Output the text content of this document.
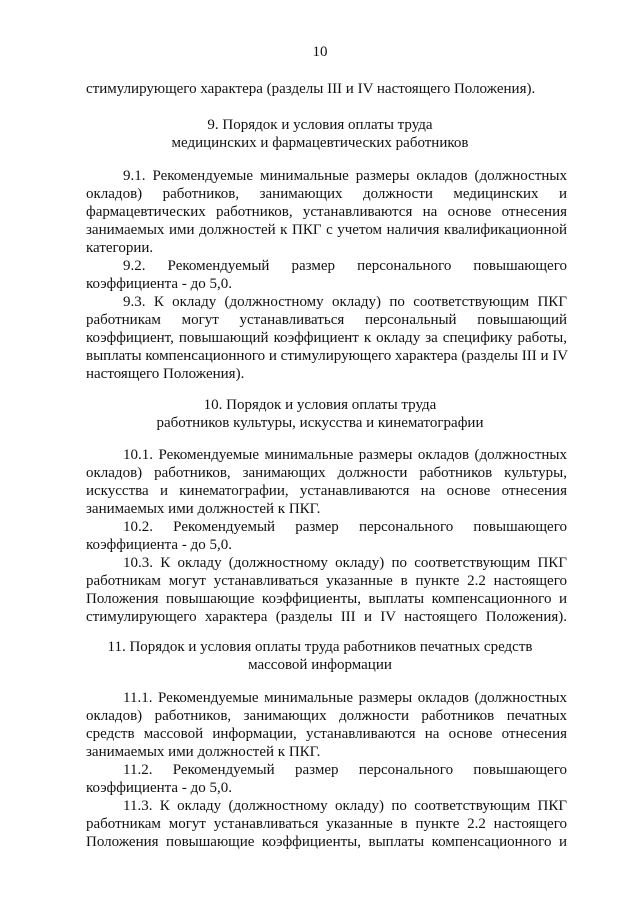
10
стимулирующего характера (разделы III и IV настоящего Положения).
9. Порядок и условия оплаты труда
медицинских и фармацевтических работников
9.1. Рекомендуемые минимальные размеры окладов (должностных
окладов) работников, занимающих должности медицинских и
фармацевтических работников, устанавливаются на основе отнесения
занимаемых ими должностей к ПКГ с учетом наличия квалификационной
категории.
9.2. Рекомендуемый размер персонального повышающего
коэффициента - до 5,0.
9.3. К окладу (должностному окладу) по соответствующим ПКГ
работникам могут устанавливаться персональный повышающий
коэффициент, повышающий коэффициент к окладу за специфику работы,
выплаты компенсационного и стимулирующего характера (разделы III и IV
настоящего Положения).
10. Порядок и условия оплаты труда
работников культуры, искусства и кинематографии
10.1. Рекомендуемые минимальные размеры окладов (должностных
окладов) работников, занимающих должности работников культуры,
искусства и кинематографии, устанавливаются на основе отнесения
занимаемых ими должностей к ПКГ.
10.2. Рекомендуемый размер персонального повышающего
коэффициента - до 5,0.
10.3. К окладу (должностному окладу) по соответствующим ПКГ
работникам могут устанавливаться указанные в пункте 2.2 настоящего
Положения повышающие коэффициенты, выплаты компенсационного и
стимулирующего характера (разделы III и IV настоящего Положения).
11. Порядок и условия оплаты труда работников печатных средств
массовой информации
11.1. Рекомендуемые минимальные размеры окладов (должностных
окладов) работников, занимающих должности работников печатных
средств массовой информации, устанавливаются на основе отнесения
занимаемых ими должностей к ПКГ.
11.2. Рекомендуемый размер персонального повышающего
коэффициента - до 5,0.
11.3. К окладу (должностному окладу) по соответствующим ПКГ
работникам могут устанавливаться указанные в пункте 2.2 настоящего
Положения повышающие коэффициенты, выплаты компенсационного и
